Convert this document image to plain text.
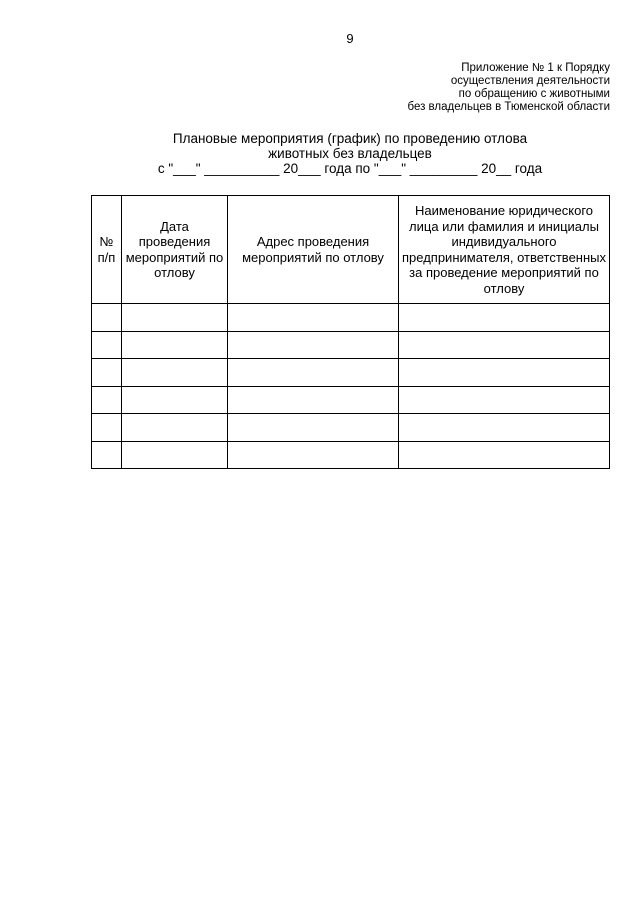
9
Приложение № 1 к Порядку
осуществления деятельности
по обращению с животными
без владельцев в Тюменской области
Плановые мероприятия (график) по проведению отлова
животных без владельцев
с "___" __________ 20___ года по "___" _________ 20__ года
№ п/п	Дата проведения мероприятий по отлову	Адрес проведения мероприятий по отлову	Наименование юридического лица или фамилия и инициалы индивидуального предпринимателя, ответственных за проведение мероприятий по отлову
